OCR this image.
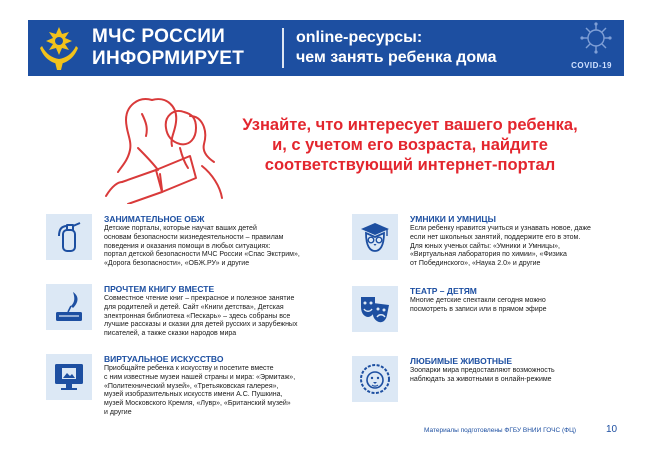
МЧС РОССИИ
ИНФОРМИРУЕТ
online-ресурсы:
чем занять ребенка дома	COVID-19
Узнайте, что интересует вашего ребенка,
и, с учетом его возраста, найдите
соответствующий интернет-портал
ЗАНИМАТЕЛЬНОЕ ОБЖ
Детские порталы, которые научат ваших детей
основам безопасности жизнедеятельности – правилам
поведения и оказания помощи в любых ситуациях:
портал детской безопасности МЧС России «Спас Экстрим»,
«Дорога безопасности», «ОБЖ.РУ» и другие
ПРОЧТЕМ КНИГУ ВМЕСТЕ
Совместное чтение книг – прекрасное и полезное занятие
для родителей и детей. Сайт «Книги детства», Детская
электронная библиотека «Пескарь» – здесь собраны все
лучшие рассказы и сказки для детей русских и зарубежных
писателей, а также сказки народов мира
ВИРТУАЛЬНОЕ ИСКУССТВО
Приобщайте ребенка к искусству и посетите вместе
с ним известные музеи нашей страны и мира: «Эрмитаж»,
«Политехнический музей», «Третьяковская галерея»,
музей изобразительных искусств имени А.С. Пушкина,
музей Московского Кремля, «Лувр», «Британский музей»
и другие
УМНИКИ И УМНИЦЫ
Если ребенку нравится учиться и узнавать новое, даже
если нет школьных занятий, поддержите его в этом.
Для юных ученых сайты: «Умники и Умницы»,
«Виртуальная лаборатория по химии», «Физика
от Побединского», «Наука 2.0» и другие
ТЕАТР – ДЕТЯМ
Многие детские спектакли сегодня можно
посмотреть в записи или в прямом эфире
ЛЮБИМЫЕ ЖИВОТНЫЕ
Зоопарки мира предоставляют возможность
наблюдать за животными в онлайн-режиме
Материалы подготовлены ФГБУ ВНИИ ГОЧС (ФЦ)	10
